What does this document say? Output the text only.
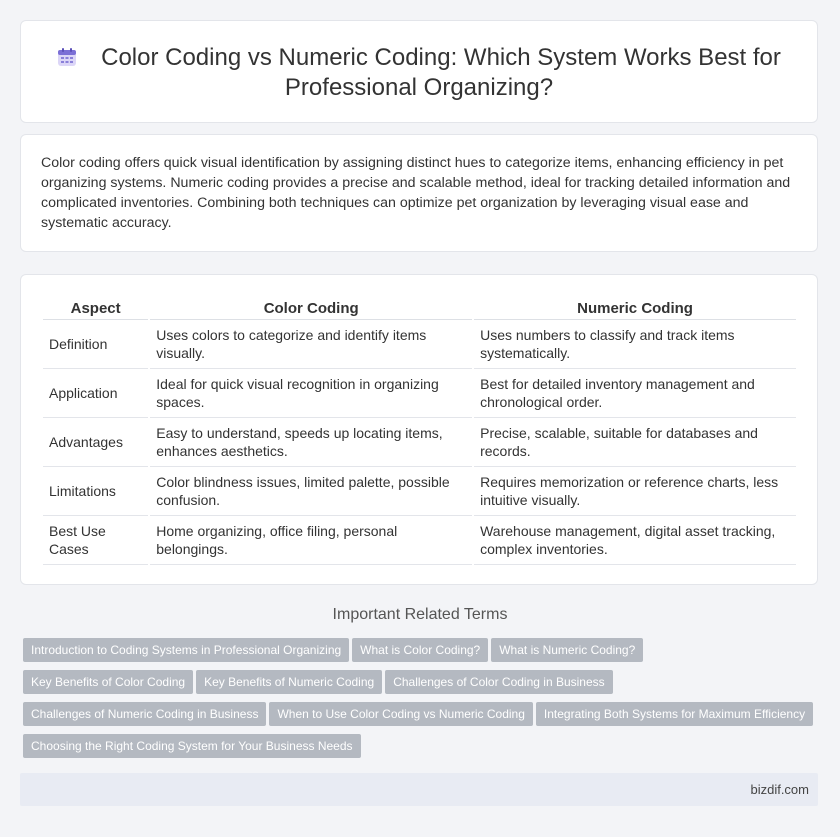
Color Coding vs Numeric Coding: Which System Works Best for Professional Organizing?

Color coding offers quick visual identification by assigning distinct hues to categorize items, enhancing efficiency in pet organizing systems. Numeric coding provides a precise and scalable method, ideal for tracking detailed information and complicated inventories. Combining both techniques can optimize pet organization by leveraging visual ease and systematic accuracy.

Aspect	Color Coding	Numeric Coding
Definition	Uses colors to categorize and identify items visually.	Uses numbers to classify and track items systematically.
Application	Ideal for quick visual recognition in organizing spaces.	Best for detailed inventory management and chronological order.
Advantages	Easy to understand, speeds up locating items, enhances aesthetics.	Precise, scalable, suitable for databases and records.
Limitations	Color blindness issues, limited palette, possible confusion.	Requires memorization or reference charts, less intuitive visually.
Best Use Cases	Home organizing, office filing, personal belongings.	Warehouse management, digital asset tracking, complex inventories.
Important Related Terms
Introduction to Coding Systems in Professional Organizing What is Color Coding? What is Numeric Coding?
Key Benefits of Color Coding Key Benefits of Numeric Coding Challenges of Color Coding in Business
Challenges of Numeric Coding in Business When to Use Color Coding vs Numeric Coding Integrating Both Systems for Maximum Efficiency
Choosing the Right Coding System for Your Business Needs
bizdif.com
